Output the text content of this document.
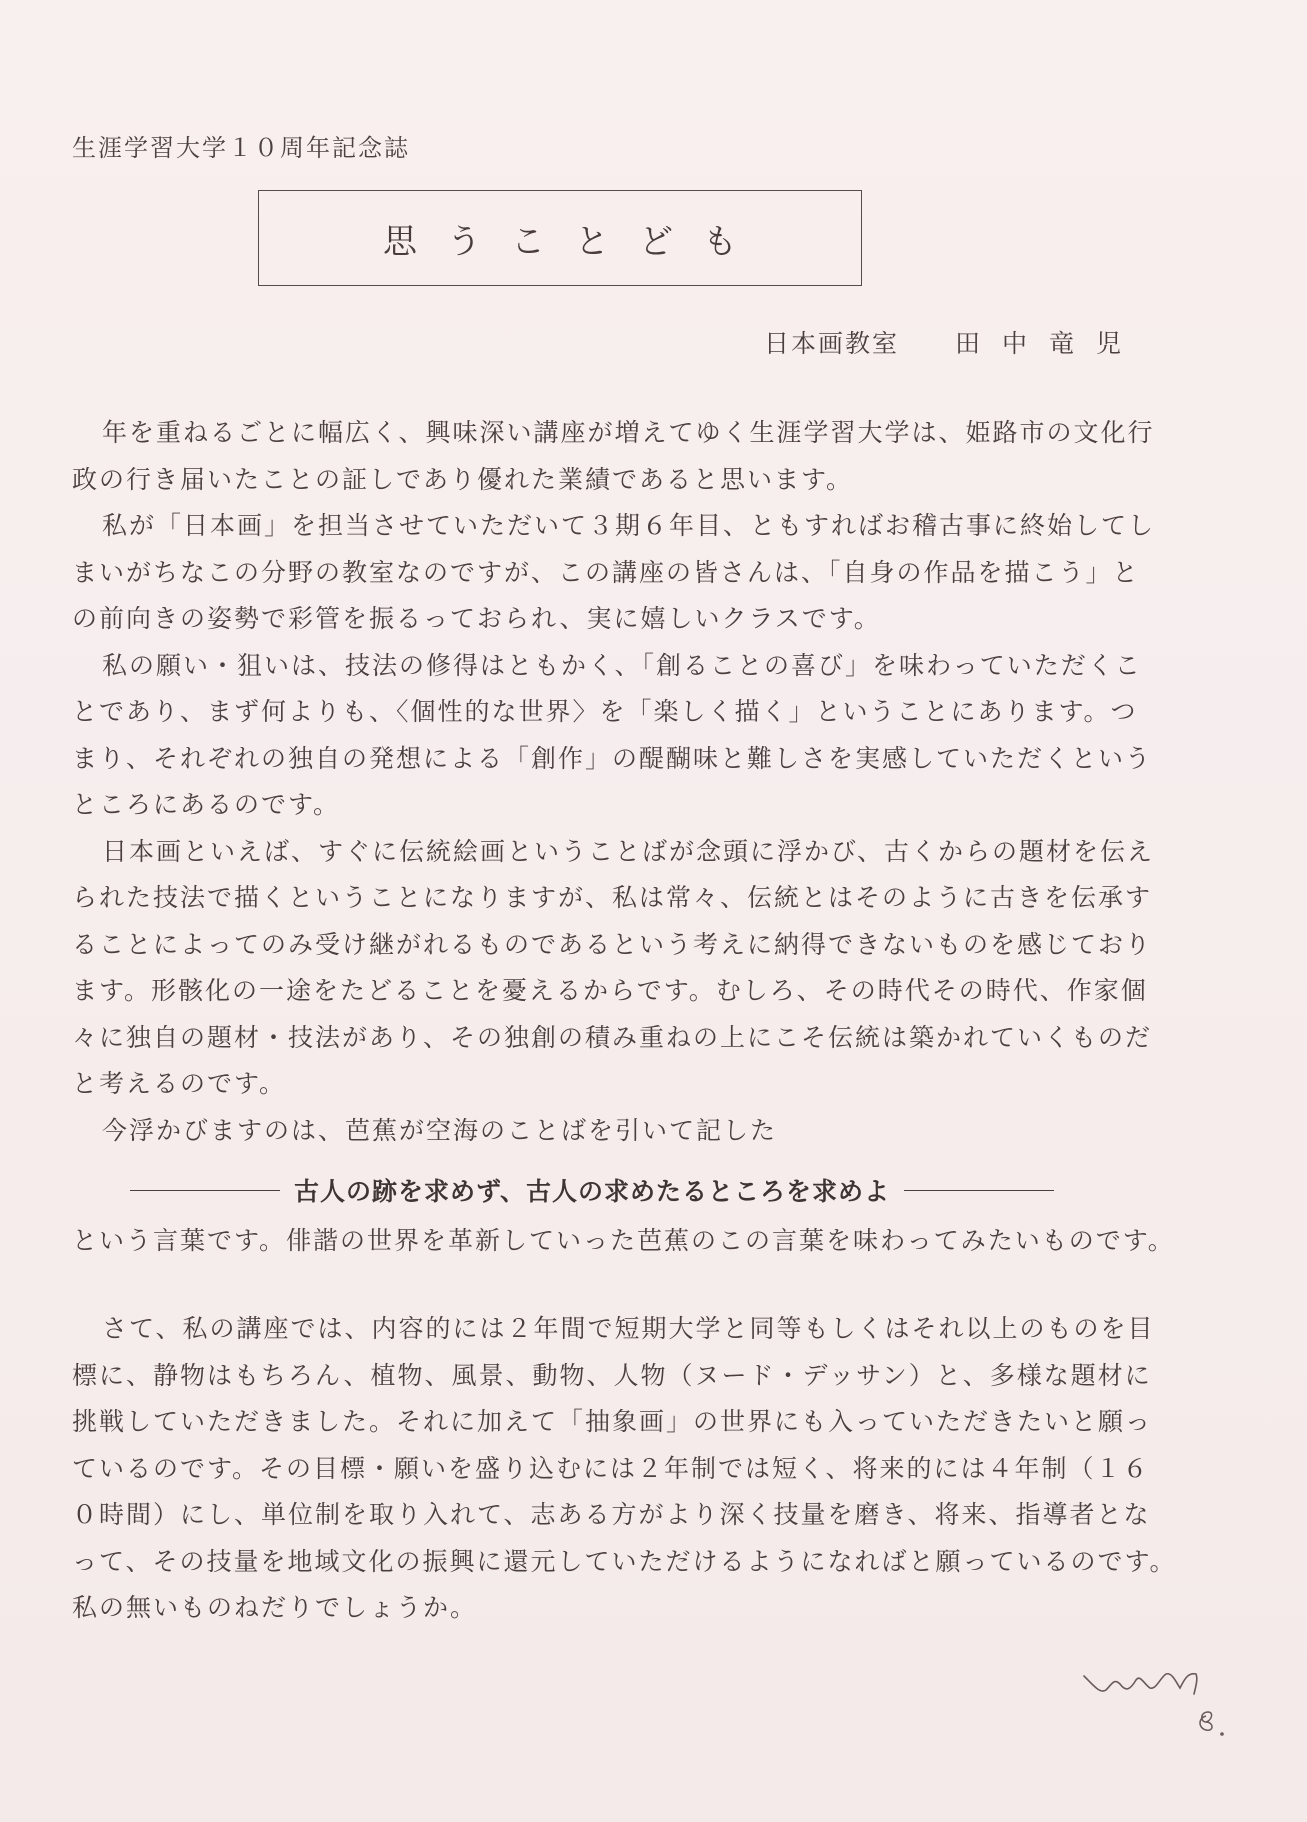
生涯学習大学１０周年記念誌
思うことども
日本画教室 田中竜児

年を重ねるごとに幅広く、興味深い講座が増えてゆく生涯学習大学は、姫路市の文化行

政の行き届いたことの証しであり優れた業績であると思います。

私が「日本画」を担当させていただいて３期６年目、ともすればお稽古事に終始してし

まいがちなこの分野の教室なのですが、この講座の皆さんは、「自身の作品を描こう」と

の前向きの姿勢で彩管を振るっておられ、実に嬉しいクラスです。

私の願い・狙いは、技法の修得はともかく、「創ることの喜び」を味わっていただくこ

とであり、まず何よりも、〈個性的な世界〉を「楽しく描く」ということにあります。つ

まり、それぞれの独自の発想による「創作」の醍醐味と難しさを実感していただくという

ところにあるのです。

日本画といえば、すぐに伝統絵画ということばが念頭に浮かび、古くからの題材を伝え

られた技法で描くということになりますが、私は常々、伝統とはそのように古きを伝承す

ることによってのみ受け継がれるものであるという考えに納得できないものを感じており

ます。形骸化の一途をたどることを憂えるからです。むしろ、その時代その時代、作家個

々に独自の題材・技法があり、その独創の積み重ねの上にこそ伝統は築かれていくものだ

と考えるのです。

今浮かびますのは、芭蕉が空海のことばを引いて記した

古人の跡を求めず、古人の求めたるところを求めよ

という言葉です。俳諧の世界を革新していった芭蕉のこの言葉を味わってみたいものです。

さて、私の講座では、内容的には２年間で短期大学と同等もしくはそれ以上のものを目

標に、静物はもちろん、植物、風景、動物、人物（ヌード・デッサン）と、多様な題材に

挑戦していただきました。それに加えて「抽象画」の世界にも入っていただきたいと願っ

ているのです。その目標・願いを盛り込むには２年制では短く、将来的には４年制（１６

０時間）にし、単位制を取り入れて、志ある方がより深く技量を磨き、将来、指導者とな

って、その技量を地域文化の振興に還元していただけるようになればと願っているのです。

私の無いものねだりでしょうか。
